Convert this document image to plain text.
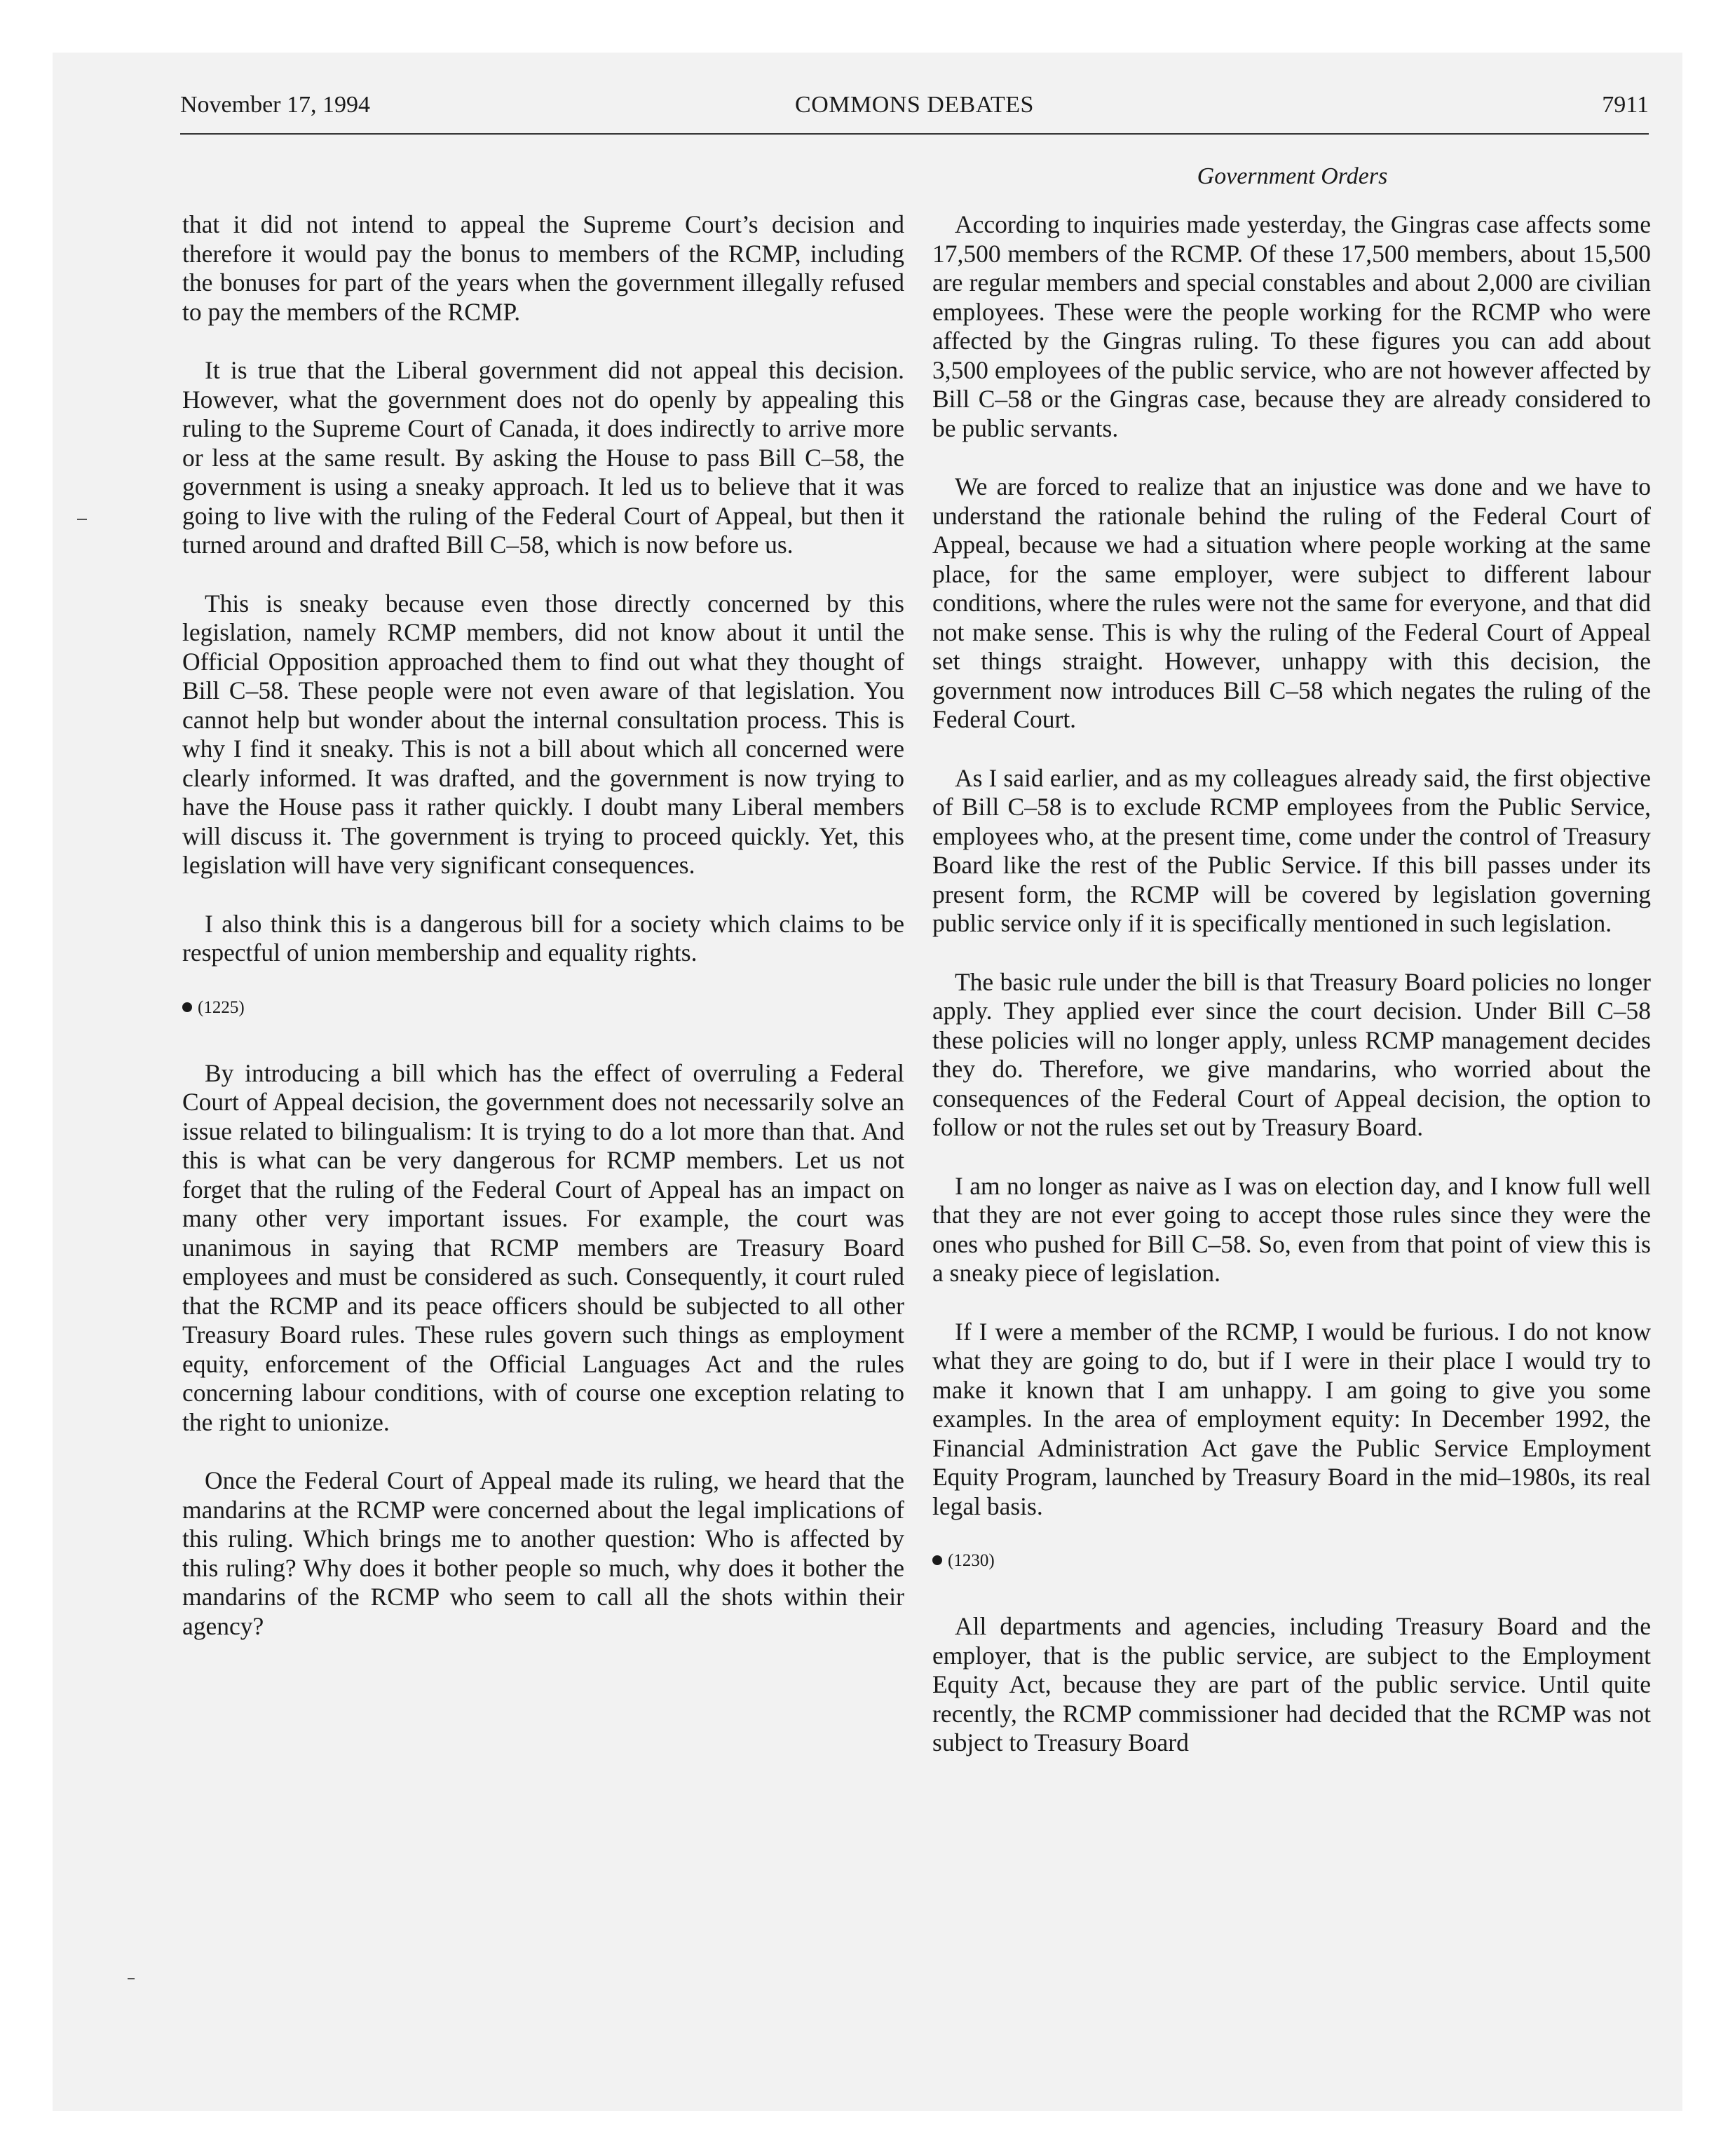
November 17, 1994	COMMONS DEBATES	7911
Government Orders

that it did not intend to appeal the Supreme Court’s decision and therefore it would pay the bonus to members of the RCMP, including the bonuses for part of the years when the government illegally refused to pay the members of the RCMP.

It is true that the Liberal government did not appeal this decision. However, what the government does not do openly by appealing this ruling to the Supreme Court of Canada, it does indirectly to arrive more or less at the same result. By asking the House to pass Bill C–58, the government is using a sneaky approach. It led us to believe that it was going to live with the ruling of the Federal Court of Appeal, but then it turned around and drafted Bill C–58, which is now before us.

This is sneaky because even those directly concerned by this legislation, namely RCMP members, did not know about it until the Official Opposition approached them to find out what they thought of Bill C–58. These people were not even aware of that legislation. You cannot help but wonder about the internal consultation process. This is why I find it sneaky. This is not a bill about which all concerned were clearly informed. It was drafted, and the government is now trying to have the House pass it rather quickly. I doubt many Liberal members will discuss it. The government is trying to proceed quickly. Yet, this legislation will have very significant consequences.

I also think this is a dangerous bill for a society which claims to be respectful of union membership and equality rights.

(1225)

By introducing a bill which has the effect of overruling a Federal Court of Appeal decision, the government does not necessarily solve an issue related to bilingualism: It is trying to do a lot more than that. And this is what can be very dangerous for RCMP members. Let us not forget that the ruling of the Federal Court of Appeal has an impact on many other very important issues. For example, the court was unanimous in saying that RCMP members are Treasury Board employees and must be considered as such. Consequently, it court ruled that the RCMP and its peace officers should be subjected to all other Treasury Board rules. These rules govern such things as employment equity, enforcement of the Official Languages Act and the rules concerning labour conditions, with of course one exception relating to the right to unionize.

Once the Federal Court of Appeal made its ruling, we heard that the mandarins at the RCMP were concerned about the legal implications of this ruling. Which brings me to another question: Who is affected by this ruling? Why does it bother people so much, why does it bother the mandarins of the RCMP who seem to call all the shots within their agency?

According to inquiries made yesterday, the Gingras case affects some 17,500 members of the RCMP. Of these 17,500 members, about 15,500 are regular members and special constables and about 2,000 are civilian employees. These were the people working for the RCMP who were affected by the Gingras ruling. To these figures you can add about 3,500 employees of the public service, who are not however affected by Bill C–58 or the Gingras case, because they are already considered to be public servants.

We are forced to realize that an injustice was done and we have to understand the rationale behind the ruling of the Federal Court of Appeal, because we had a situation where people working at the same place, for the same employer, were subject to different labour conditions, where the rules were not the same for everyone, and that did not make sense. This is why the ruling of the Federal Court of Appeal set things straight. However, unhappy with this decision, the government now introduces Bill C–58 which negates the ruling of the Federal Court.

As I said earlier, and as my colleagues already said, the first objective of Bill C–58 is to exclude RCMP employees from the Public Service, employees who, at the present time, come under the control of Treasury Board like the rest of the Public Service. If this bill passes under its present form, the RCMP will be covered by legislation governing public service only if it is specifically mentioned in such legislation.

The basic rule under the bill is that Treasury Board policies no longer apply. They applied ever since the court decision. Under Bill C–58 these policies will no longer apply, unless RCMP management decides they do. Therefore, we give mandarins, who worried about the consequences of the Federal Court of Appeal decision, the option to follow or not the rules set out by Treasury Board.

I am no longer as naive as I was on election day, and I know full well that they are not ever going to accept those rules since they were the ones who pushed for Bill C–58. So, even from that point of view this is a sneaky piece of legislation.

If I were a member of the RCMP, I would be furious. I do not know what they are going to do, but if I were in their place I would try to make it known that I am unhappy. I am going to give you some examples. In the area of employment equity: In December 1992, the Financial Administration Act gave the Public Service Employment Equity Program, launched by Treasury Board in the mid–1980s, its real legal basis.

(1230)

All departments and agencies, including Treasury Board and the employer, that is the public service, are subject to the Employment Equity Act, because they are part of the public service. Until quite recently, the RCMP commissioner had decided that the RCMP was not subject to Treasury Board
